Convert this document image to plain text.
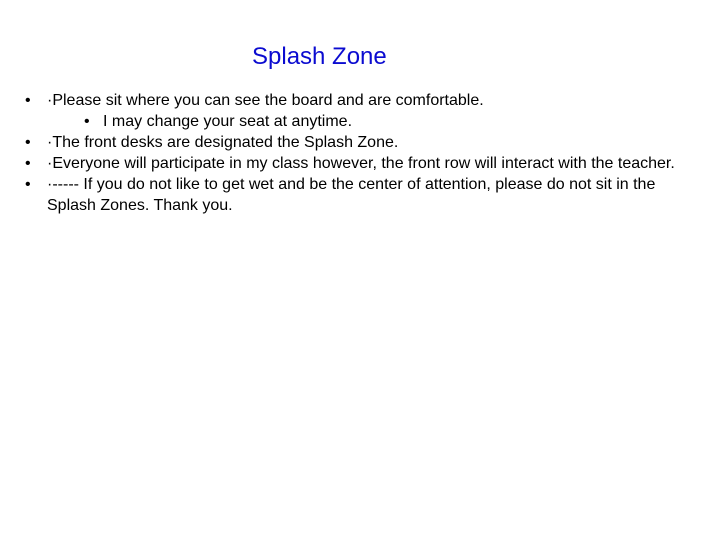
Splash Zone
• ·Please sit where you can see the board and are comfortable.
• I may change your seat at anytime.
• ·The front desks are designated the Splash Zone.
• ·Everyone will participate in my class however, the front row will interact with the teacher.
• ·----- If you do not like to get wet and be the center of attention, please do not sit in the Splash Zones. Thank you.
